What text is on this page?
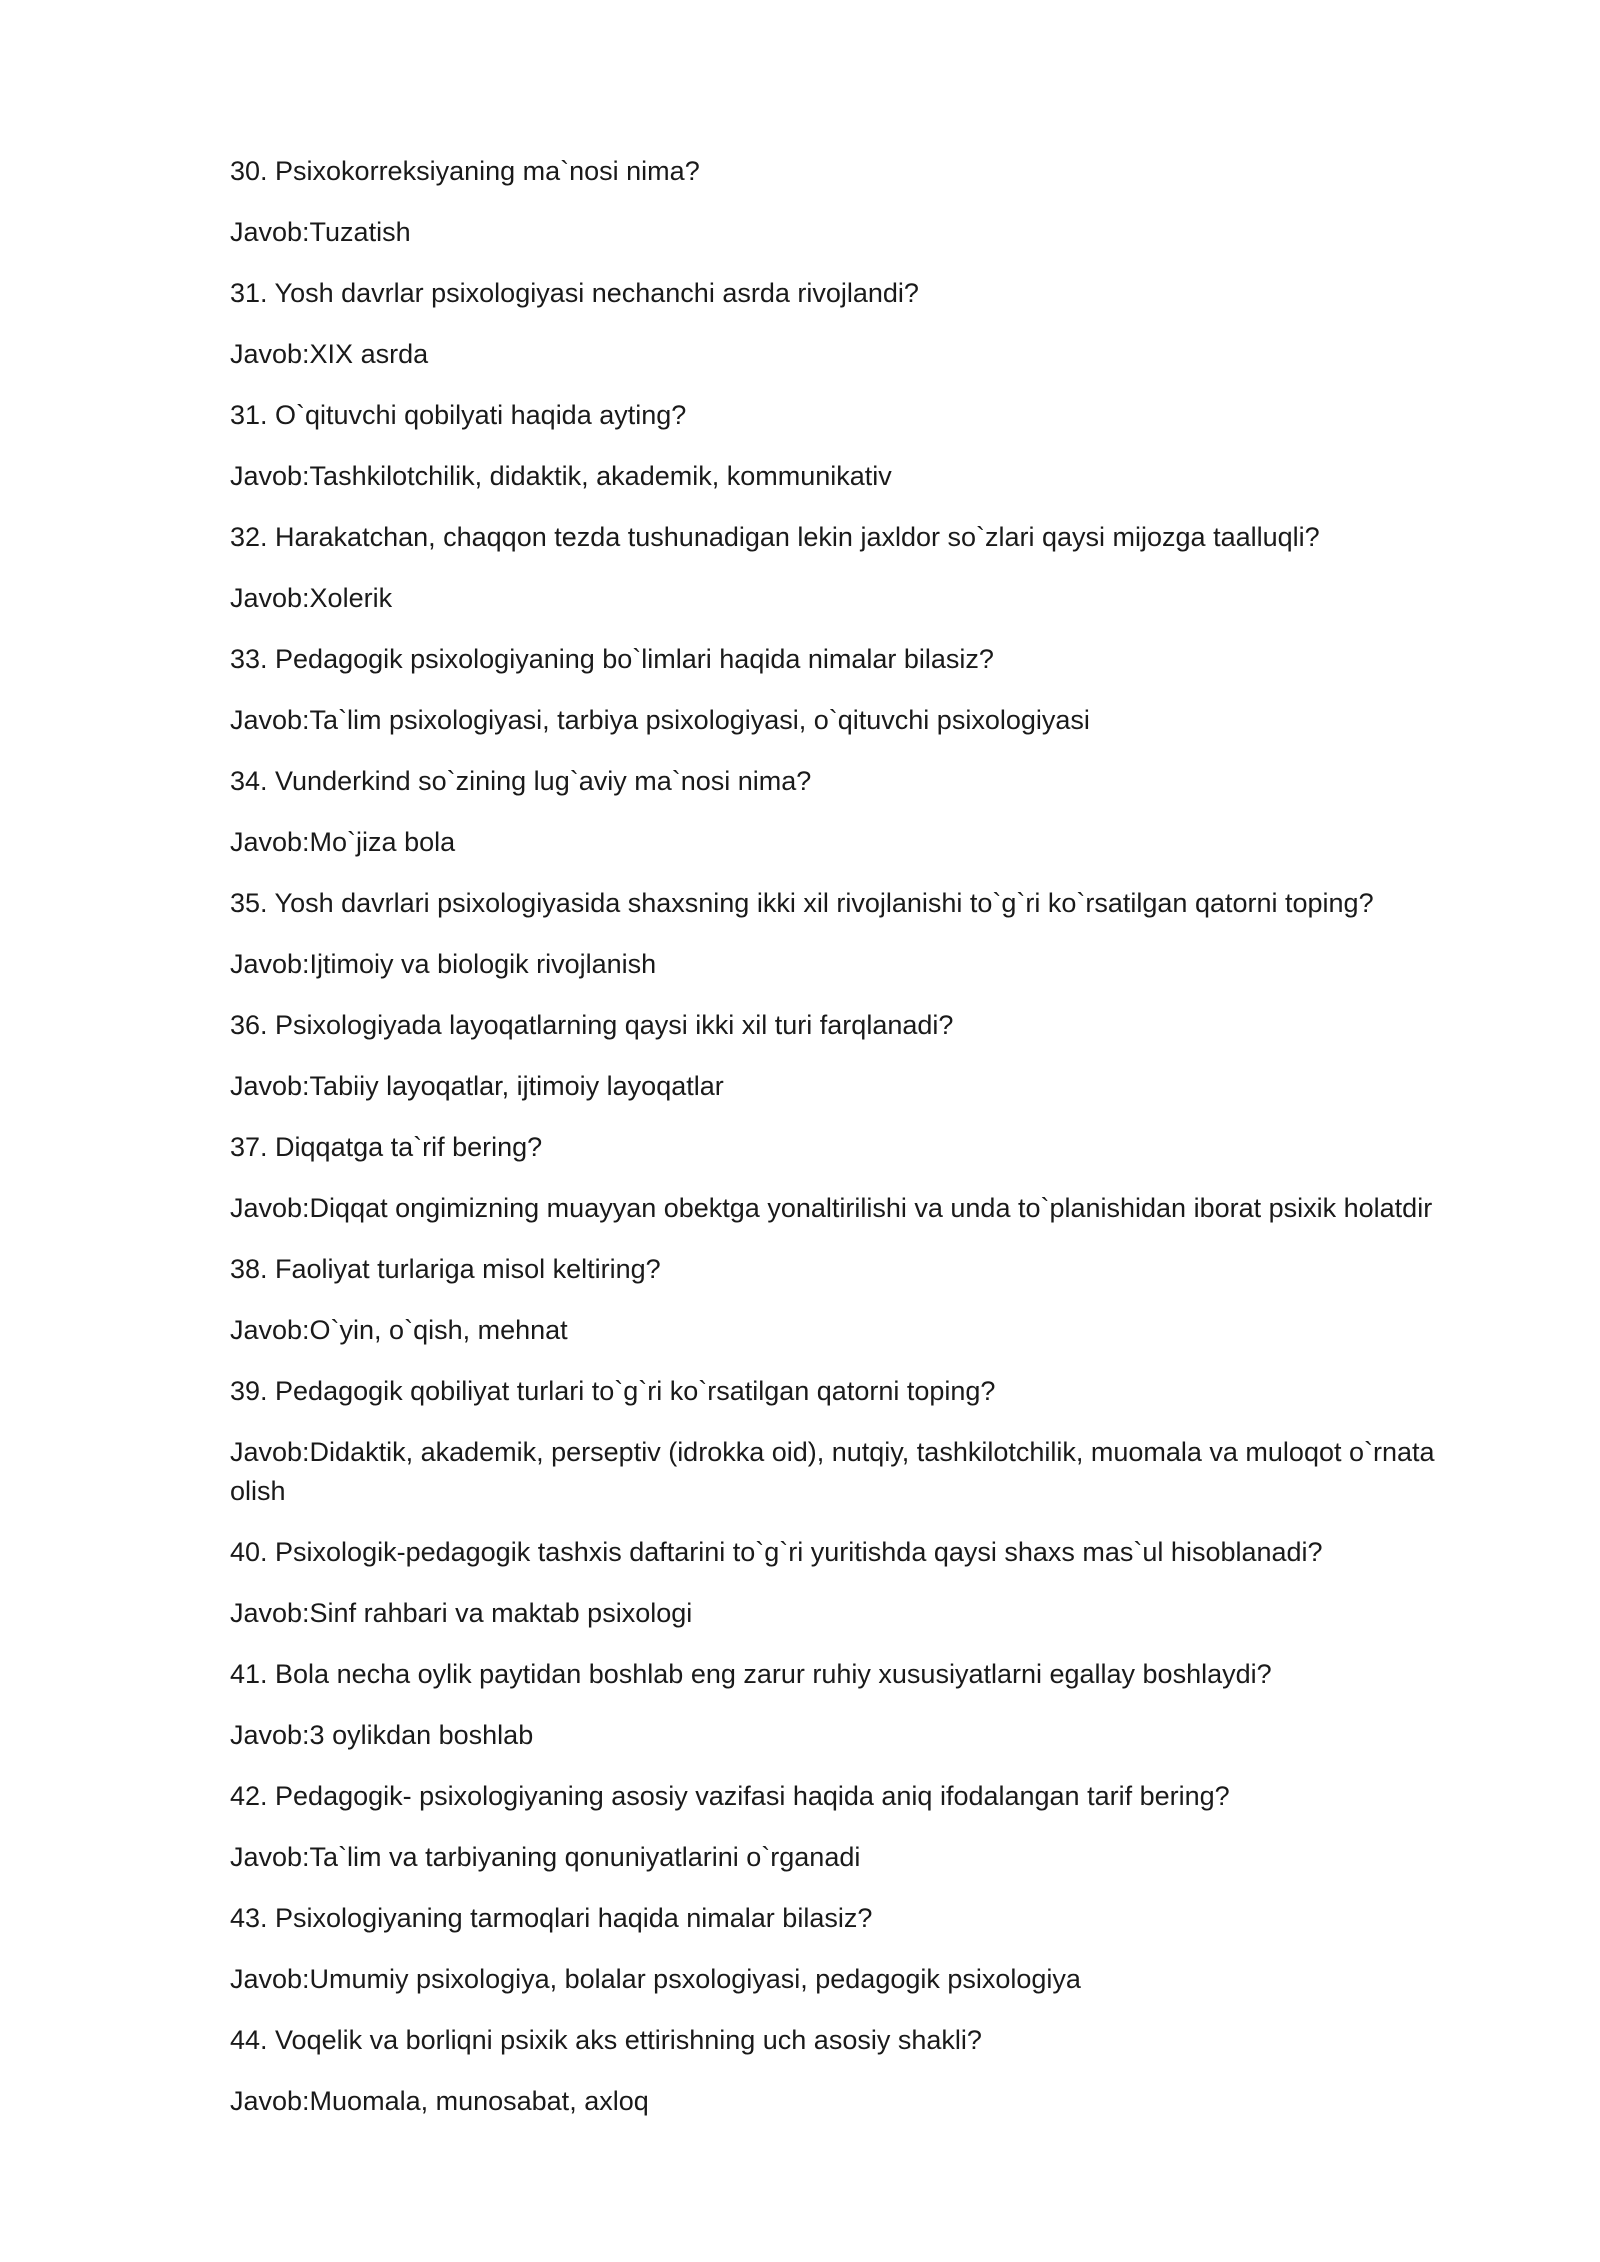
30. Psixokorreksiyaning ma`nosi nima?

Javob:Tuzatish

31. Yosh davrlar psixologiyasi nechanchi asrda rivojlandi?

Javob:XIX asrda

31. O`qituvchi qobilyati haqida ayting?

Javob:Tashkilotchilik, didaktik, akademik, kommunikativ

32. Harakatchan, chaqqon tezda tushunadigan lekin jaxldor so`zlari qaysi mijozga taalluqli?

Javob:Xolerik

33. Pedagogik psixologiyaning bo`limlari haqida nimalar bilasiz?

Javob:Ta`lim psixologiyasi, tarbiya psixologiyasi, o`qituvchi psixologiyasi

34. Vunderkind so`zining lug`aviy ma`nosi nima?

Javob:Mo`jiza bola

35. Yosh davrlari psixologiyasida shaxsning ikki xil rivojlanishi to`g`ri ko`rsatilgan qatorni toping?

Javob:Ijtimoiy va biologik rivojlanish

36. Psixologiyada layoqatlarning qaysi ikki xil turi farqlanadi?

Javob:Tabiiy layoqatlar, ijtimoiy layoqatlar

37. Diqqatga ta`rif bering?

Javob:Diqqat ongimizning muayyan obektga yonaltirilishi va unda to`planishidan iborat psixik holatdir

38. Faoliyat turlariga misol keltiring?

Javob:O`yin, o`qish, mehnat

39. Pedagogik qobiliyat turlari to`g`ri ko`rsatilgan qatorni toping?

Javob:Didaktik, akademik, perseptiv (idrokka oid), nutqiy, tashkilotchilik, muomala va muloqot o`rnata olish

40. Psixologik-pedagogik tashxis daftarini to`g`ri yuritishda qaysi shaxs mas`ul hisoblanadi?

Javob:Sinf rahbari va maktab psixologi

41. Bola necha oylik paytidan boshlab eng zarur ruhiy xususiyatlarni egallay boshlaydi?

Javob:3 oylikdan boshlab

42. Pedagogik- psixologiyaning asosiy vazifasi haqida aniq ifodalangan tarif bering?

Javob:Ta`lim va tarbiyaning qonuniyatlarini o`rganadi

43. Psixologiyaning tarmoqlari haqida nimalar bilasiz?

Javob:Umumiy psixologiya, bolalar psxologiyasi, pedagogik psixologiya

44. Voqelik va borliqni psixik aks ettirishning uch asosiy shakli?

Javob:Muomala, munosabat, axloq
